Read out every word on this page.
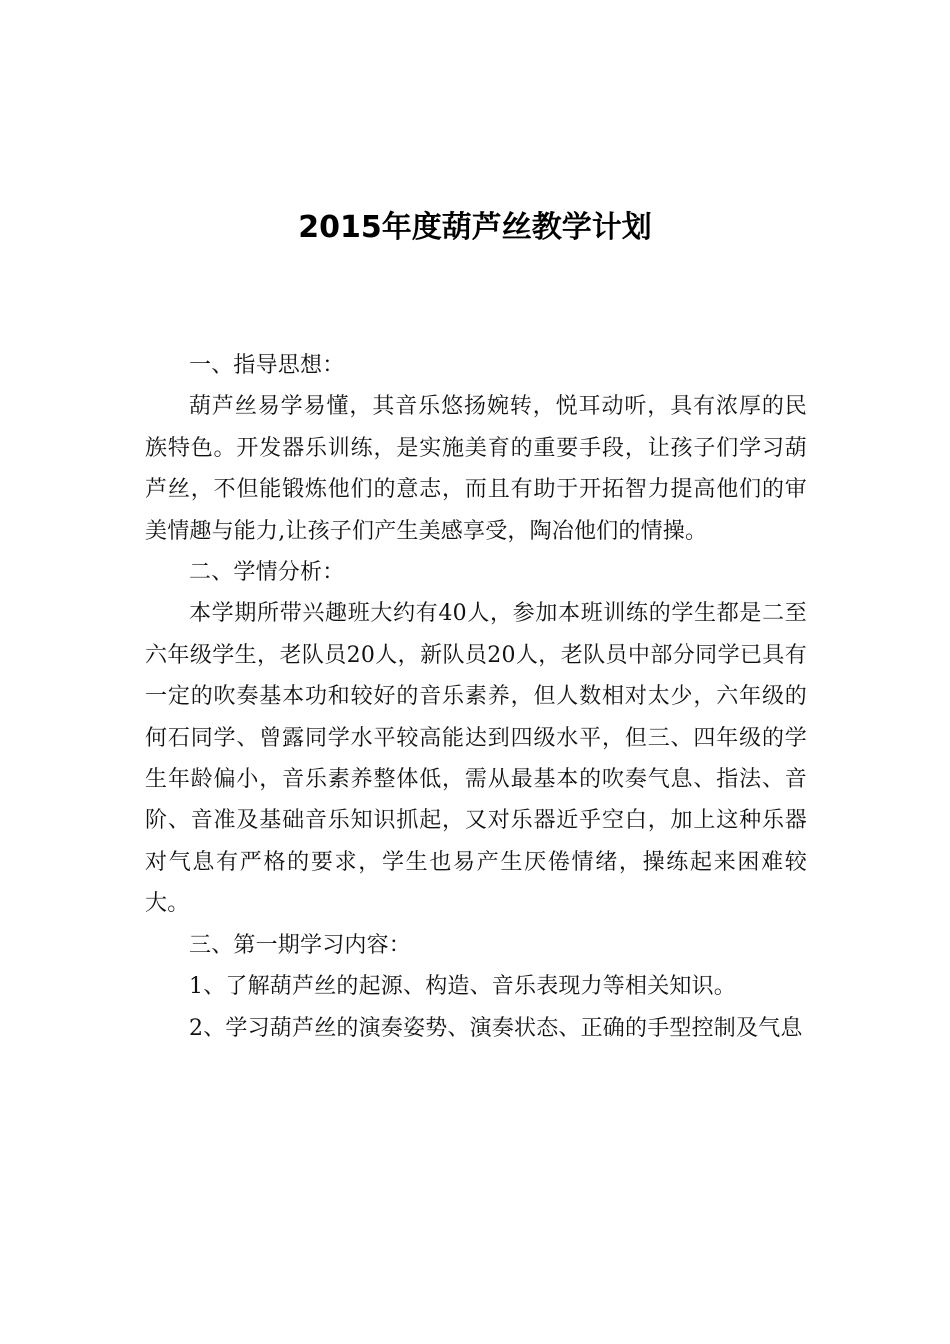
2015年度葫芦丝教学计划

一、指导思想：

葫芦丝易学易懂，其音乐悠扬婉转，悦耳动听，具有浓厚的民族特色。开发器乐训练，是实施美育的重要手段，让孩子们学习葫芦丝，不但能锻炼他们的意志，而且有助于开拓智力提高他们的审美情趣与能力,让孩子们产生美感享受，陶冶他们的情操。

二、学情分析：

本学期所带兴趣班大约有40人，参加本班训练的学生都是二至六年级学生，老队员20人，新队员20人，老队员中部分同学已具有一定的吹奏基本功和较好的音乐素养，但人数相对太少，六年级的何石同学、曾露同学水平较高能达到四级水平，但三、四年级的学生年龄偏小，音乐素养整体低，需从最基本的吹奏气息、指法、音阶、音准及基础音乐知识抓起，又对乐器近乎空白，加上这种乐器对气息有严格的要求，学生也易产生厌倦情绪，操练起来困难较大。

三、第一期学习内容：

1、了解葫芦丝的起源、构造、音乐表现力等相关知识。

2、学习葫芦丝的演奏姿势、演奏状态、正确的手型控制及气息
